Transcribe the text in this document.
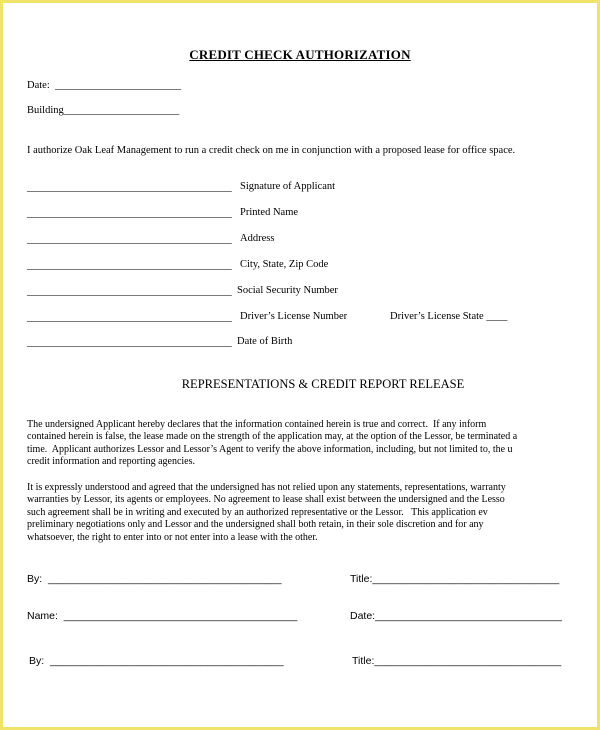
CREDIT CHECK AUTHORIZATION
Date:  ________________________
Building______________________
I authorize Oak Leaf Management to run a credit check on me in conjunction with a proposed lease for office space.
_______________________________________ Signature of Applicant
_______________________________________ Printed Name
_______________________________________ Address
_______________________________________ City, State, Zip Code
_______________________________________ Social Security Number
_______________________________________ Driver’s License Number	Driver’s License State ____
_______________________________________ Date of Birth
REPRESENTATIONS & CREDIT REPORT RELEASE
The undersigned Applicant hereby declares that the information contained herein is true and correct.  If any inform
contained herein is false, the lease made on the strength of the application may, at the option of the Lessor, be terminated a
time.  Applicant authorizes Lessor and Lessor’s Agent to verify the above information, including, but not limited to, the u
credit information and reporting agencies.
It is expressly understood and agreed that the undersigned has not relied upon any statements, representations, warranty
warranties by Lessor, its agents or employees. No agreement to lease shall exist between the undersigned and the Lesso
such agreement shall be in writing and executed by an authorized representative or the Lessor.   This application ev
preliminary negotiations only and Lessor and the undersigned shall both retain, in their sole discretion and for any
whatsoever, the right to enter into or not enter into a lease with the other.
By:  ________________________________________	Title:________________________________
Name:  ________________________________________	Date:________________________________
By:  ________________________________________	Title:________________________________
